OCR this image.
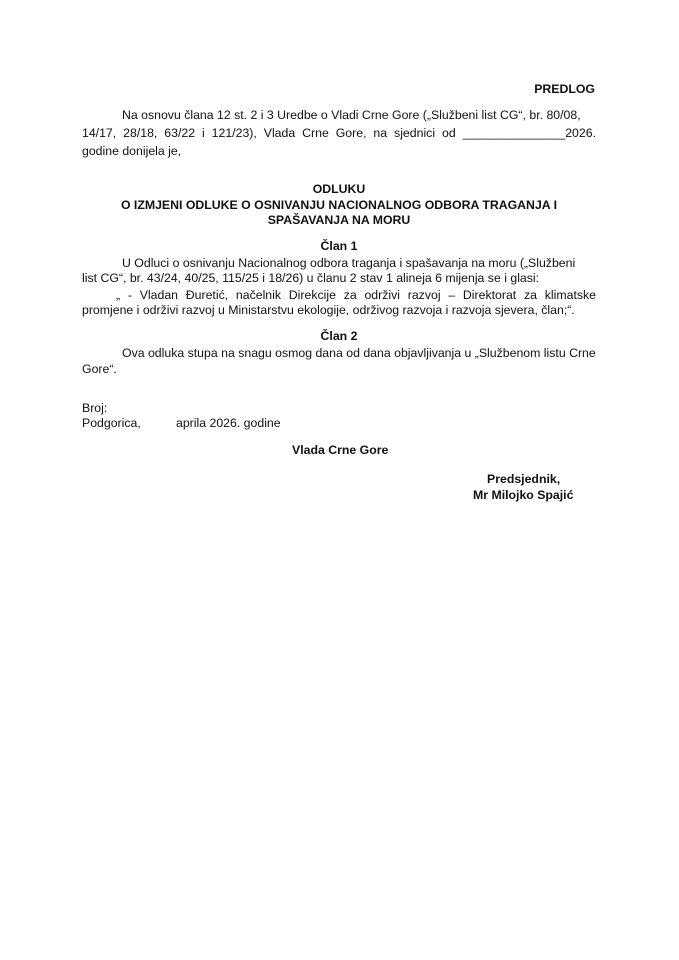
PREDLOG
Na osnovu člana 12 st. 2 i 3 Uredbe o Vladi Crne Gore („Službeni list CG“, br. 80/08,
14/17, 28/18, 63/22 i 121/23), Vlada Crne Gore, na sjednici od _______________2026.
godine donijela je,
ODLUKU
O IZMJENI ODLUKE O OSNIVANJU NACIONALNOG ODBORA TRAGANJA I
SPAŠAVANJA NA MORU
Član 1
U Odluci o osnivanju Nacionalnog odbora traganja i spašavanja na moru („Službeni
list CG“, br. 43/24, 40/25, 115/25 i 18/26) u članu 2 stav 1 alineja 6 mijenja se i glasi:
„ - Vladan Đuretić, načelnik Direkcije za održivi razvoj – Direktorat za klimatske
promjene i održivi razvoj u Ministarstvu ekologije, održivog razvoja i razvoja sjevera, član;“.
Član 2
Ova odluka stupa na snagu osmog dana od dana objavljivanja u „Službenom listu Crne
Gore“.
Broj:
Podgorica,	aprila 2026. godine
Vlada Crne Gore
Predsjednik,
Mr Milojko Spajić
